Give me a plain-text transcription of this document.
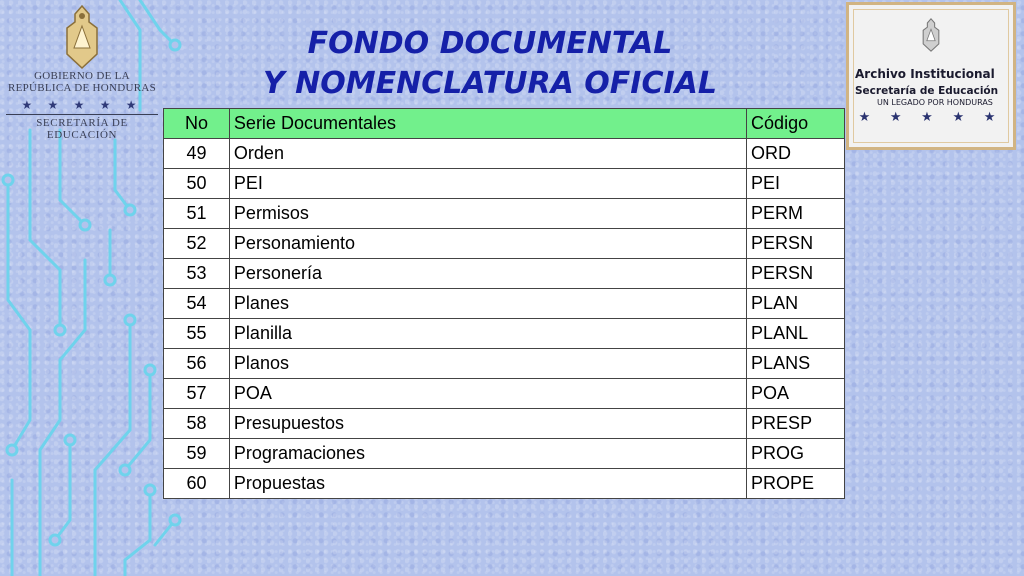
GOBIERNO DE LA
REPÚBLICA DE HONDURAS
★ ★ ★ ★ ★
SECRETARÍA DE EDUCACIÓN
FONDO DOCUMENTAL
Y NOMENCLATURA OFICIAL	Archivo Institucional
Secretaría de Educación
UN LEGADO POR HONDURAS
★ ★ ★ ★ ★
No	Serie Documentales	Código
49	Orden	ORD
50	PEI	PEI
51	Permisos	PERM
52	Personamiento	PERSN
53	Personería	PERSN
54	Planes	PLAN
55	Planilla	PLANL
56	Planos	PLANS
57	POA	POA
58	Presupuestos	PRESP
59	Programaciones	PROG
60	Propuestas	PROPE
